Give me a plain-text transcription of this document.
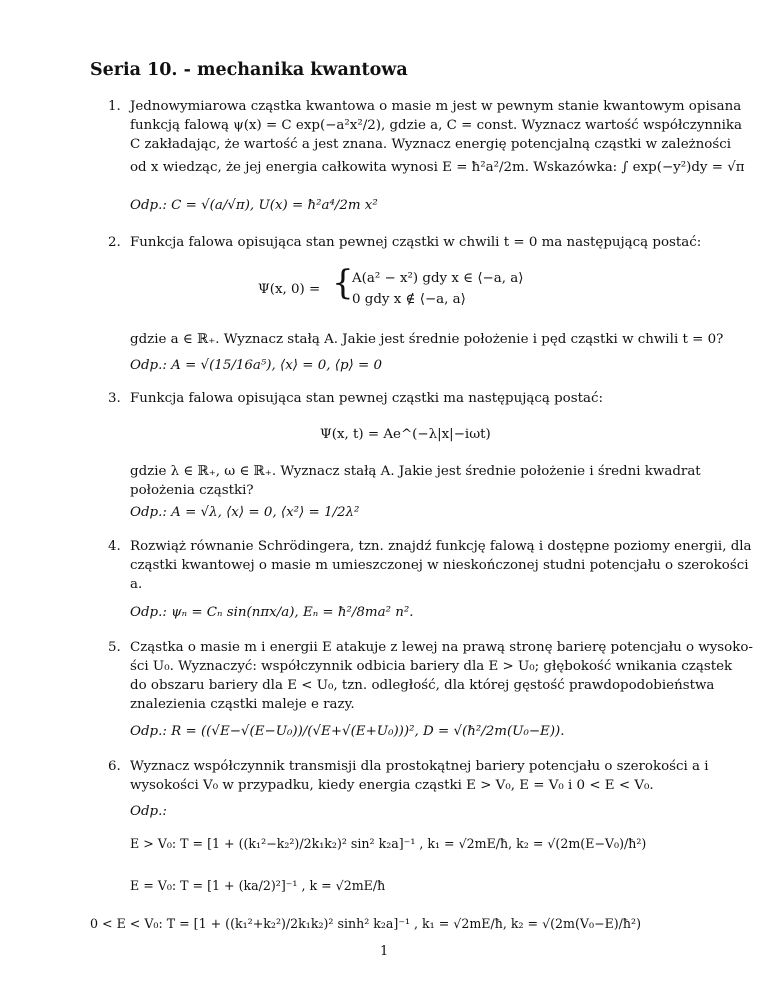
Seria 10. - mechanika kwantowa
1. Jednowymiarowa cząstka kwantowa o masie m jest w pewnym stanie kwantowym opisana
funkcją falową ψ(x) = C exp(−a²x²/2), gdzie a, C = const. Wyznacz wartość współczynnika
C zakładając, że wartość a jest znana. Wyznacz energię potencjalną cząstki w zależności
od x wiedząc, że jej energia całkowita wynosi E = ħ²a²/2m. Wskazówka: ∫ exp(−y²)dy = √π
Odp.: C = √(a/√π), U(x) = ħ²a⁴/2m x²
2. Funkcja falowa opisująca stan pewnej cząstki w chwili t = 0 ma następującą postać:
Ψ(x, 0) = {
A(a² − x²) gdy x ∈ ⟨−a, a⟩
0 gdy x ∉ ⟨−a, a⟩
gdzie a ∈ ℝ₊. Wyznacz stałą A. Jakie jest średnie położenie i pęd cząstki w chwili t = 0?
Odp.: A = √(15/16a⁵), ⟨x⟩ = 0, ⟨p⟩ = 0
3. Funkcja falowa opisująca stan pewnej cząstki ma następującą postać:
Ψ(x, t) = Ae^(−λ|x|−iωt)
gdzie λ ∈ ℝ₊, ω ∈ ℝ₊. Wyznacz stałą A. Jakie jest średnie położenie i średni kwadrat
położenia cząstki?
Odp.: A = √λ, ⟨x⟩ = 0, ⟨x²⟩ = 1/2λ²
4. Rozwiąż równanie Schrödingera, tzn. znajdź funkcję falową i dostępne poziomy energii, dla
cząstki kwantowej o masie m umieszczonej w nieskończonej studni potencjału o szerokości
a.
Odp.: ψₙ = Cₙ sin(nπx/a), Eₙ = ħ²/8ma² n².
5. Cząstka o masie m i energii E atakuje z lewej na prawą stronę barierę potencjału o wysoko-
ści U₀. Wyznaczyć: współczynnik odbicia bariery dla E > U₀; głębokość wnikania cząstek
do obszaru bariery dla E < U₀, tzn. odległość, dla której gęstość prawdopodobieństwa
znalezienia cząstki maleje e razy.
Odp.: R = ((√E−√(E−U₀))/(√E+√(E+U₀)))², D = √(ħ²/2m(U₀−E)).
6. Wyznacz współczynnik transmisji dla prostokątnej bariery potencjału o szerokości a i
wysokości V₀ w przypadku, kiedy energia cząstki E > V₀, E = V₀ i 0 < E < V₀.
Odp.:
E > V₀: T = [1 + ((k₁²−k₂²)/2k₁k₂)² sin² k₂a]⁻¹ , k₁ = √2mE/ħ, k₂ = √(2m(E−V₀)/ħ²)
E = V₀: T = [1 + (ka/2)²]⁻¹ , k = √2mE/ħ
0 < E < V₀: T = [1 + ((k₁²+k₂²)/2k₁k₂)² sinh² k₂a]⁻¹ , k₁ = √2mE/ħ, k₂ = √(2m(V₀−E)/ħ²)
1
